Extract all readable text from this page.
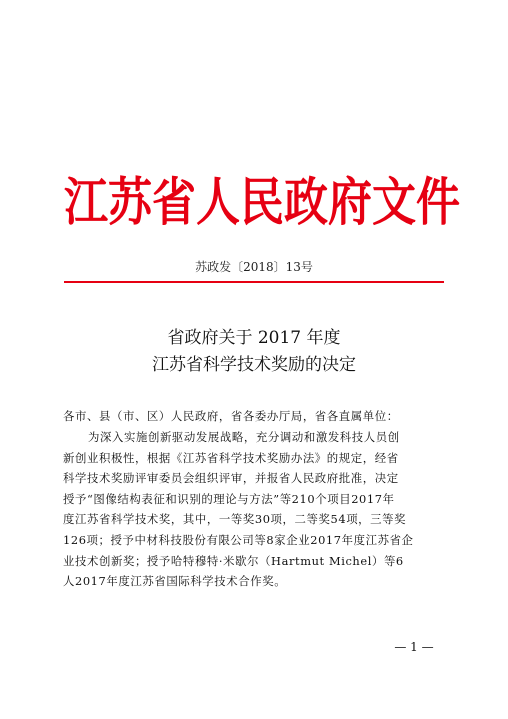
江苏省人民政府文件
苏政发〔2018〕13号
省政府关于 2017 年度
江苏省科学技术奖励的决定
各市、县（市、区）人民政府，省各委办厅局，省各直属单位：
为深入实施创新驱动发展战略，充分调动和激发科技人员创
新创业积极性，根据《江苏省科学技术奖励办法》的规定，经省
科学技术奖励评审委员会组织评审，并报省人民政府批准，决定
授予“图像结构表征和识别的理论与方法”等210个项目2017年
度江苏省科学技术奖，其中，一等奖30项，二等奖54项，三等奖
126项；授予中材科技股份有限公司等8家企业2017年度江苏省企
业技术创新奖；授予哈特穆特·米歇尔（Hartmut Michel）等6
人2017年度江苏省国际科学技术合作奖。
— 1 —
